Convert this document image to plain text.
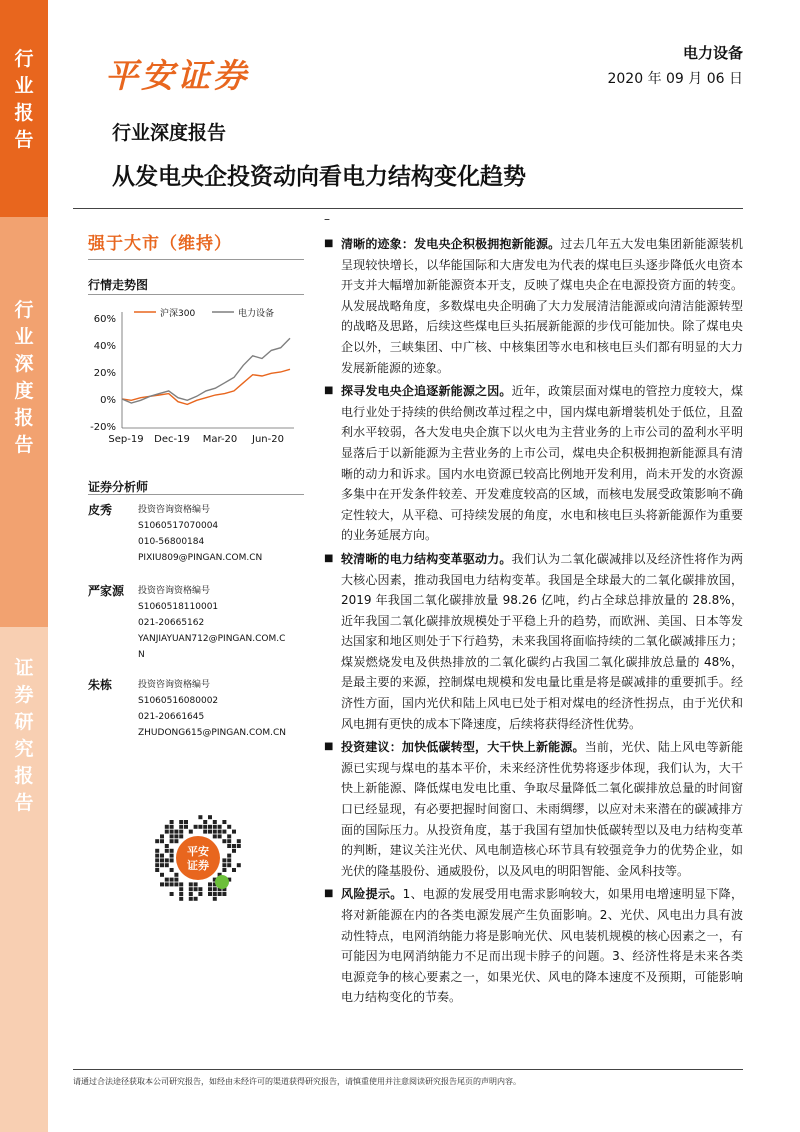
行
业
报
告
行
业
深
度
报
告
证
券
研
究
报
告
平安证券
电力设备
2020 年 09 月 06 日
行业深度报告
从发电央企投资动向看电力结构变化趋势
–
强于大市（维持）
行情走势图
沪深300	电力设备
60%
40%
20%
0%
-20%
Sep-19 Dec-19 Mar-20 Jun-20
证券分析师
皮秀	投资咨询资格编号
S1060517070004
010-56800184
PIXIU809@PINGAN.COM.CN
严家源 投资咨询资格编号
S1060518110001
021-20665162
YANJIAYUAN712@PINGAN.COM.C
N
朱栋	投资咨询资格编号
S1060516080002
021-20661645
ZHUDONG615@PINGAN.COM.CN
平安
证券
■ 清晰的迹象：发电央企积极拥抱新能源。过去几年五大发电集团新能源装机呈现较快增长，以华能国际和大唐发电为代表的煤电巨头逐步降低火电资本开支并大幅增加新能源资本开支，反映了煤电央企在电源投资方面的转变。从发展战略角度，多数煤电央企明确了大力发展清洁能源或向清洁能源转型的战略及思路，后续这些煤电巨头拓展新能源的步伐可能加快。除了煤电央企以外，三峡集团、中广核、中核集团等水电和核电巨头们都有明显的大力发展新能源的迹象。
■ 探寻发电央企追逐新能源之因。近年，政策层面对煤电的管控力度较大，煤电行业处于持续的供给侧改革过程之中，国内煤电新增装机处于低位，且盈利水平较弱，各大发电央企旗下以火电为主营业务的上市公司的盈利水平明显落后于以新能源为主营业务的上市公司，煤电央企积极拥抱新能源具有清晰的动力和诉求。国内水电资源已较高比例地开发利用，尚未开发的水资源多集中在开发条件较差、开发难度较高的区域，而核电发展受政策影响不确定性较大，从平稳、可持续发展的角度，水电和核电巨头将新能源作为重要的业务延展方向。
■ 较清晰的电力结构变革驱动力。我们认为二氧化碳减排以及经济性将作为两大核心因素，推动我国电力结构变革。我国是全球最大的二氧化碳排放国，2019 年我国二氧化碳排放量 98.26 亿吨，约占全球总排放量的 28.8%，近年我国二氧化碳排放规模处于平稳上升的趋势，而欧洲、美国、日本等发达国家和地区则处于下行趋势，未来我国将面临持续的二氧化碳减排压力；煤炭燃烧发电及供热排放的二氧化碳约占我国二氧化碳排放总量的 48%，是最主要的来源，控制煤电规模和发电量比重是将是碳减排的重要抓手。经济性方面，国内光伏和陆上风电已处于相对煤电的经济性拐点，由于光伏和风电拥有更快的成本下降速度，后续将获得经济性优势。
■ 投资建议：加快低碳转型，大干快上新能源。当前，光伏、陆上风电等新能源已实现与煤电的基本平价，未来经济性优势将逐步体现，我们认为，大干快上新能源、降低煤电发电比重、争取尽量降低二氧化碳排放总量的时间窗口已经显现，有必要把握时间窗口、未雨绸缪，以应对未来潜在的碳减排方面的国际压力。从投资角度，基于我国有望加快低碳转型以及电力结构变革的判断，建议关注光伏、风电制造核心环节具有较强竞争力的优势企业，如光伏的隆基股份、通威股份，以及风电的明阳智能、金风科技等。
■ 风险提示。1、电源的发展受用电需求影响较大，如果用电增速明显下降，将对新能源在内的各类电源发展产生负面影响。2、光伏、风电出力具有波动性特点，电网消纳能力将是影响光伏、风电装机规模的核心因素之一，有可能因为电网消纳能力不足而出现卡脖子的问题。3、经济性将是未来各类电源竞争的核心要素之一，如果光伏、风电的降本速度不及预期，可能影响电力结构变化的节奏。
请通过合法途径获取本公司研究报告，如经由未经许可的渠道获得研究报告，请慎重使用并注意阅读研究报告尾页的声明内容。
